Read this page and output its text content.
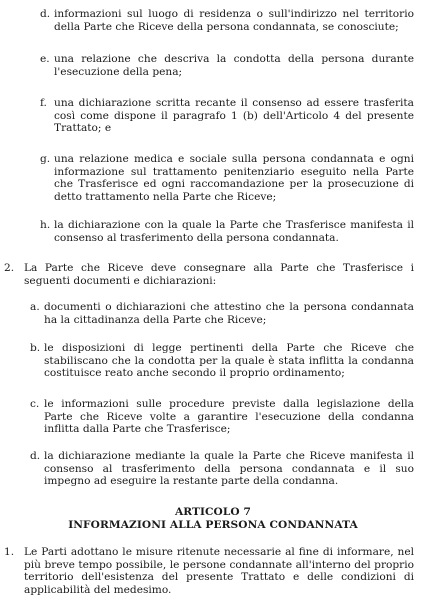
d. informazioni sul luogo di residenza o sull'indirizzo nel territorio della Parte che Riceve della persona condannata, se conosciute;
e. una relazione che descriva la condotta della persona durante l'esecuzione della pena;
f. una dichiarazione scritta recante il consenso ad essere trasferita così come dispone il paragrafo 1 (b) dell'Articolo 4 del presente Trattato; e
g. una relazione medica e sociale sulla persona condannata e ogni informazione sul trattamento penitenziario eseguito nella Parte che Trasferisce ed ogni raccomandazione per la prosecuzione di detto trattamento nella Parte che Riceve;
h. la dichiarazione con la quale la Parte che Trasferisce manifesta il consenso al trasferimento della persona condannata.
2. La Parte che Riceve deve consegnare alla Parte che Trasferisce i seguenti documenti e dichiarazioni:
a. documenti o dichiarazioni che attestino che la persona condannata ha la cittadinanza della Parte che Riceve;
b. le disposizioni di legge pertinenti della Parte che Riceve che stabiliscano che la condotta per la quale è stata inflitta la condanna costituisce reato anche secondo il proprio ordinamento;
c. le informazioni sulle procedure previste dalla legislazione della Parte che Riceve volte a garantire l'esecuzione della condanna inflitta dalla Parte che Trasferisce;
d. la dichiarazione mediante la quale la Parte che Riceve manifesta il consenso al trasferimento della persona condannata e il suo impegno ad eseguire la restante parte della condanna.
ARTICOLO 7
INFORMAZIONI ALLA PERSONA CONDANNATA
1. Le Parti adottano le misure ritenute necessarie al fine di informare, nel più breve tempo possibile, le persone condannate all'interno del proprio territorio dell'esistenza del presente Trattato e delle condizioni di applicabilità del medesimo.
